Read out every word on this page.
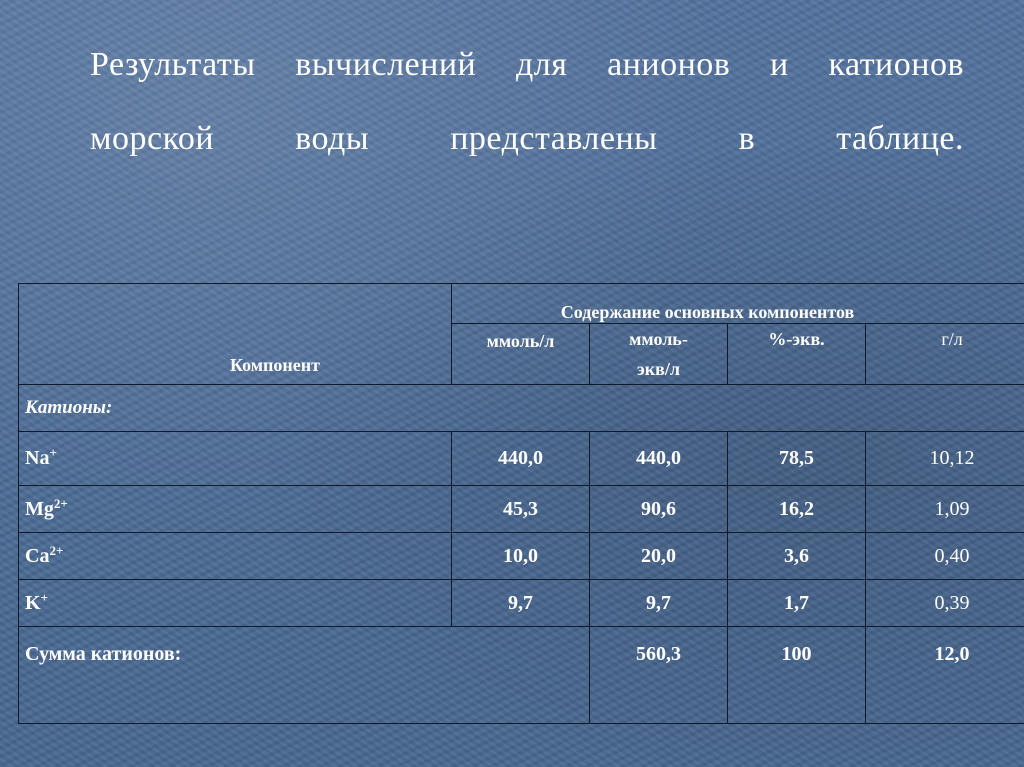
Результаты вычислений для анионов и катионов
морской воды представлены в таблице.
Компонент	Содержание основных компонентов			

	ммоль/л	ммоль-экв/л	%-экв.	г/л

Катионы:				
Na+	440,0	440,0	78,5	10,12
$Mg^{2+}$	45,3	90,6	16,2	1,09
$Ca^{2+}$	10,0	20,0	3,6	0,40
K+	9,7	9,7	1,7	0,39
Сумма катионов:		560,3	100	12,0
